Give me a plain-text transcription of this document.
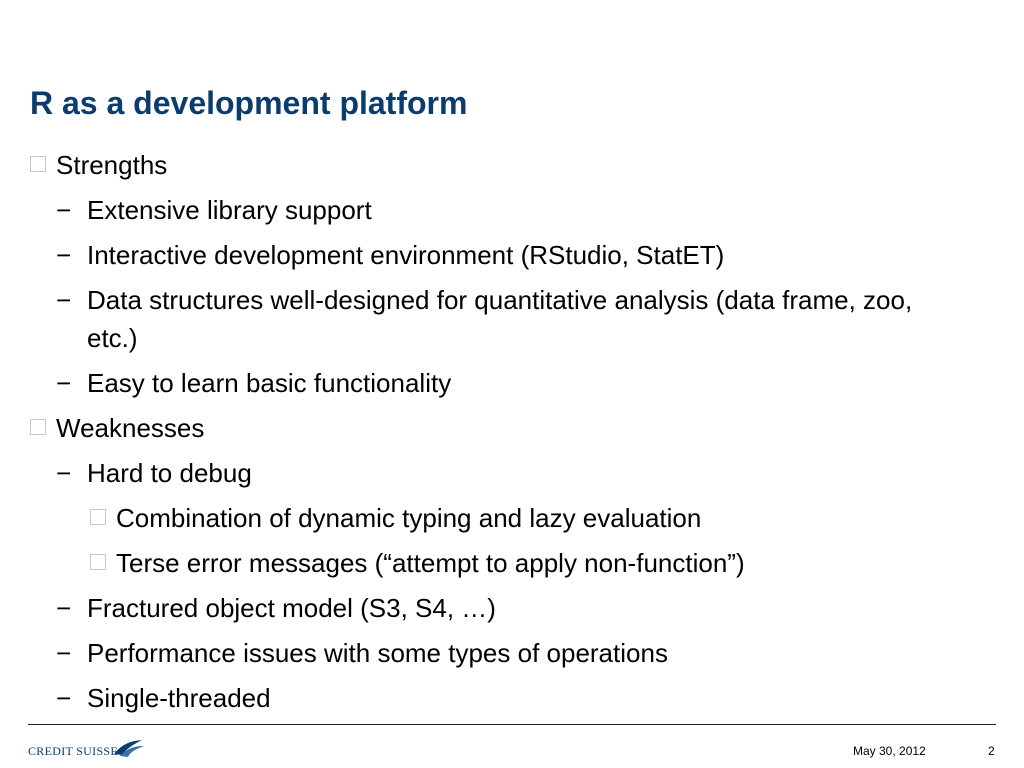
R as a development platform
Strengths
− Extensive library support
− Interactive development environment (RStudio, StatET)
− Data structures well-designed for quantitative analysis (data frame, zoo, etc.)
− Easy to learn basic functionality
Weaknesses
− Hard to debug
Combination of dynamic typing and lazy evaluation
Terse error messages (“attempt to apply non-function”)
− Fractured object model (S3, S4, …)
− Performance issues with some types of operations
− Single-threaded
CREDIT SUISSE	May 30, 2012	2
